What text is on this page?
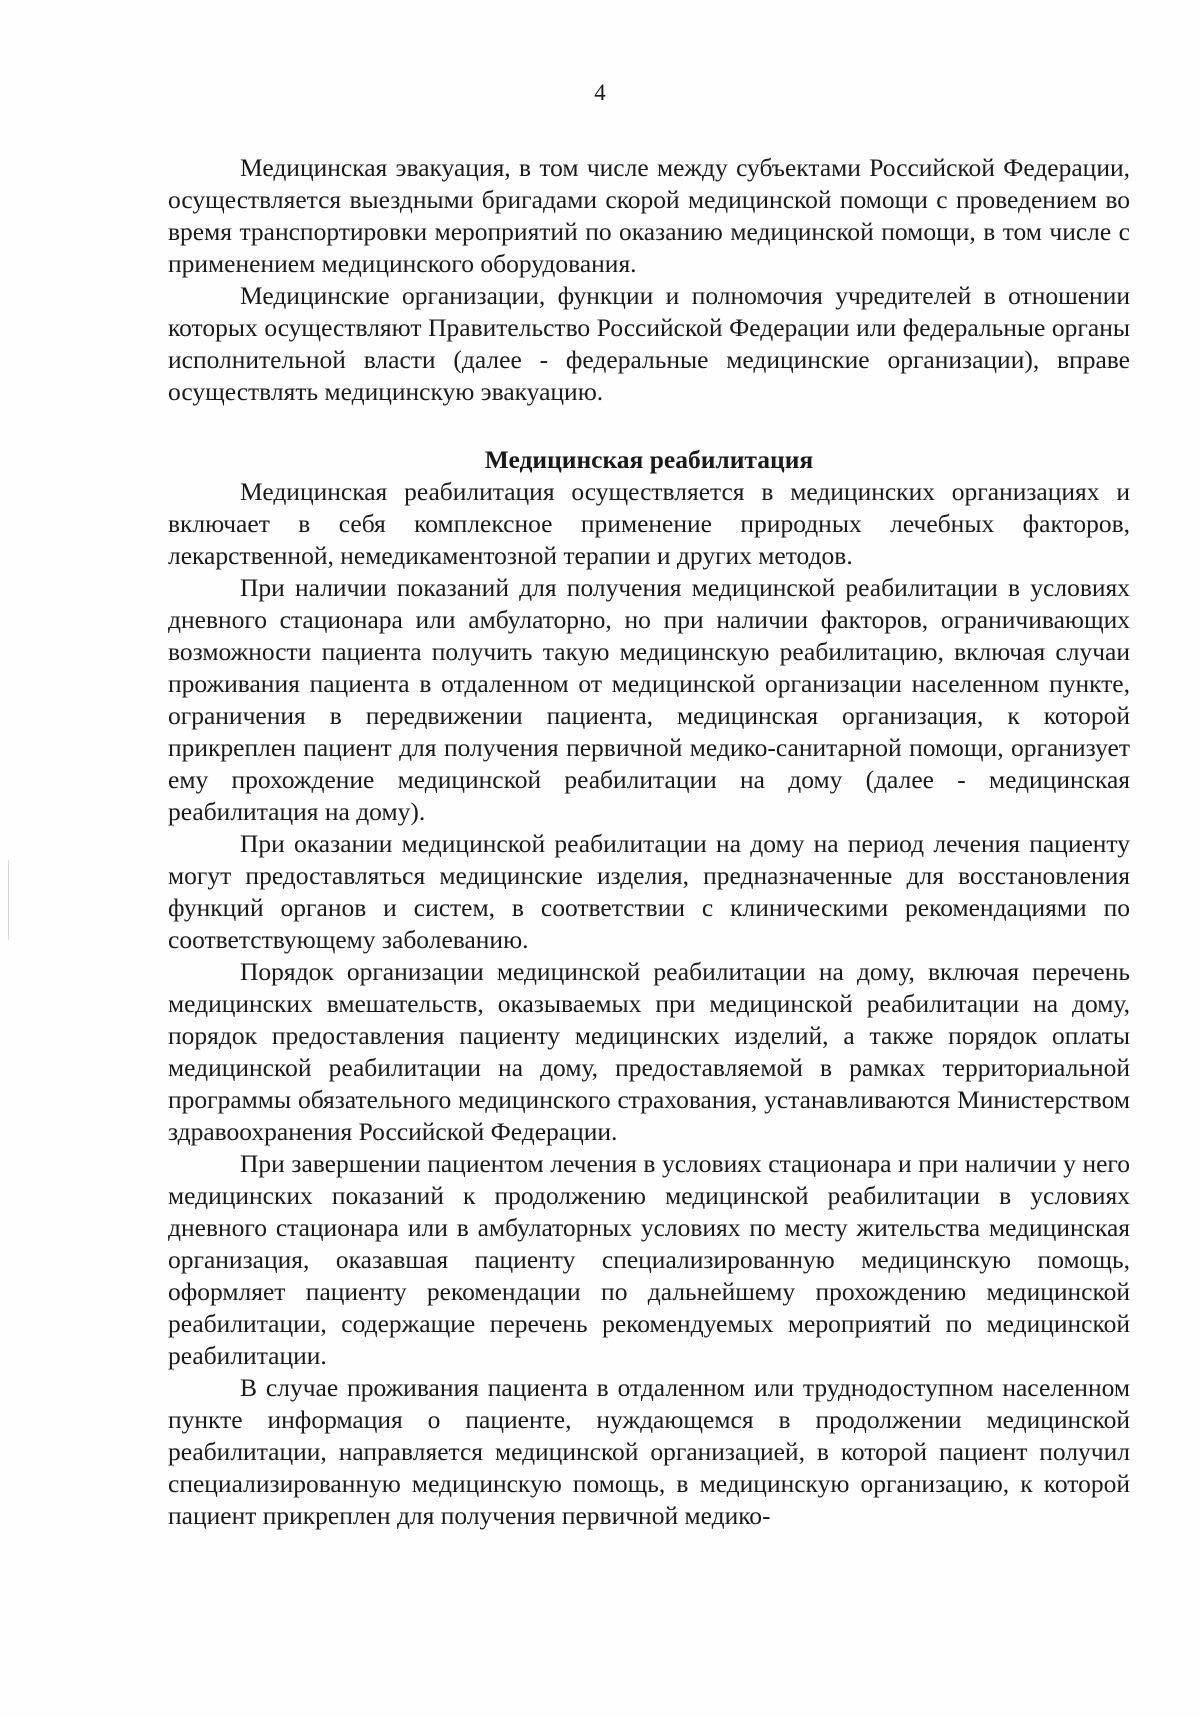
4

Медицинская эвакуация, в том числе между субъектами Российской Федерации, осуществляется выездными бригадами скорой медицинской помощи с проведением во время транспортировки мероприятий по оказанию медицинской помощи, в том числе с применением медицинского оборудования.

Медицинские организации, функции и полномочия учредителей в отношении которых осуществляют Правительство Российской Федерации или федеральные органы исполнительной власти (далее - федеральные медицинские организации), вправе осуществлять медицинскую эвакуацию.

Медицинская реабилитация

Медицинская реабилитация осуществляется в медицинских организациях и включает в себя комплексное применение природных лечебных факторов, лекарственной, немедикаментозной терапии и других методов.

При наличии показаний для получения медицинской реабилитации в условиях дневного стационара или амбулаторно, но при наличии факторов, ограничивающих возможности пациента получить такую медицинскую реабилитацию, включая случаи проживания пациента в отдаленном от медицинской организации населенном пункте, ограничения в передвижении пациента, медицинская организация, к которой прикреплен пациент для получения первичной медико-санитарной помощи, организует ему прохождение медицинской реабилитации на дому (далее - медицинская реабилитация на дому).

При оказании медицинской реабилитации на дому на период лечения пациенту могут предоставляться медицинские изделия, предназначенные для восстановления функций органов и систем, в соответствии с клиническими рекомендациями по соответствующему заболеванию.

Порядок организации медицинской реабилитации на дому, включая перечень медицинских вмешательств, оказываемых при медицинской реабилитации на дому, порядок предоставления пациенту медицинских изделий, а также порядок оплаты медицинской реабилитации на дому, предоставляемой в рамках территориальной программы обязательного медицинского страхования, устанавливаются Министерством здравоохранения Российской Федерации.

При завершении пациентом лечения в условиях стационара и при наличии у него медицинских показаний к продолжению медицинской реабилитации в условиях дневного стационара или в амбулаторных условиях по месту жительства медицинская организация, оказавшая пациенту специализированную медицинскую помощь, оформляет пациенту рекомендации по дальнейшему прохождению медицинской реабилитации, содержащие перечень рекомендуемых мероприятий по медицинской реабилитации.

В случае проживания пациента в отдаленном или труднодоступном населенном пункте информация о пациенте, нуждающемся в продолжении медицинской реабилитации, направляется медицинской организацией, в которой пациент получил специализированную медицинскую помощь, в медицинскую организацию, к которой пациент прикреплен для получения первичной медико-
